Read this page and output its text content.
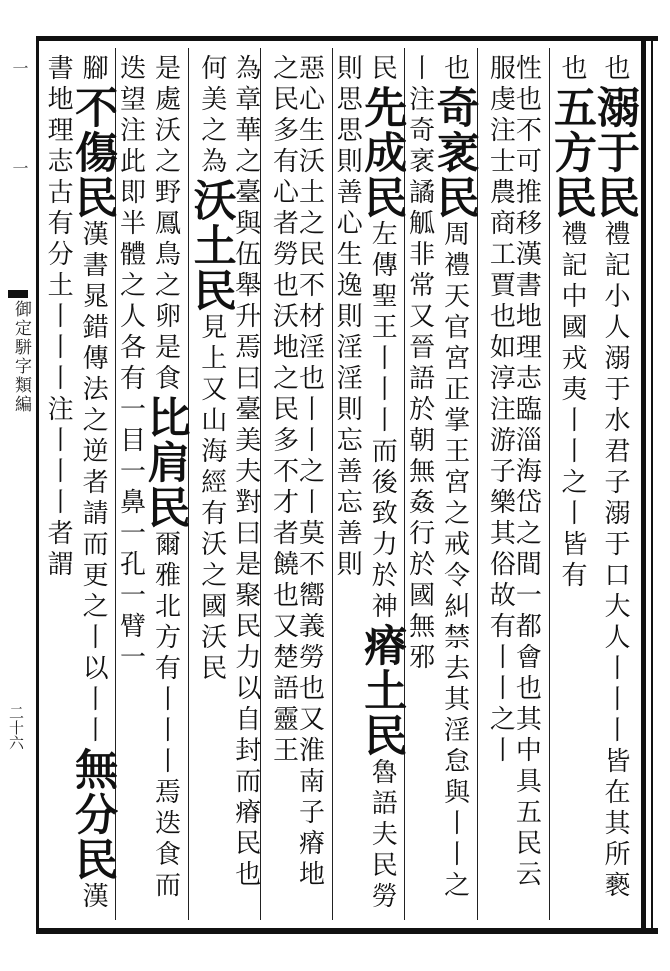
一
一
御定駢字類編
二十六
也溺于民禮記小人溺于水君子溺于口大人丨丨丨皆在其所褻也五方民禮記中國戎夷丨丨之丨皆有
性也不可推移漢書地理志臨淄海岱之間一都會也其中具五民云服虔注士農商工賈也如淳注游子樂其俗故有丨丨之丨
也奇衺民周禮天官宮正掌王宮之戒令糾禁去其淫怠與丨丨之丨注奇衺譎觚非常又晉語於朝無姦行於國無邪
民先成民左傳聖王丨丨丨而後致力於神瘠土民魯語夫民勞則思思則善心生逸則淫淫則忘善忘善則
惡心生沃土之民不材淫也丨丨之丨莫不嚮義勞也又淮南子瘠地之民多有心者勞也沃地之民多不才者饒也又楚語靈王
為章華之臺與伍舉升焉曰臺美夫對曰是聚民力以自封而瘠民也何美之為沃土民見上又山海經有沃之國沃民
是處沃之野鳳鳥之卵是食比肩民爾雅北方有丨丨丨焉迭食而迭望注此即半體之人各有一目一鼻一孔一臂一
腳不傷民漢書晁錯傳法之逆者請而更之丨以丨丨無分民漢書地理志古有分土丨丨丨注丨丨丨者謂
